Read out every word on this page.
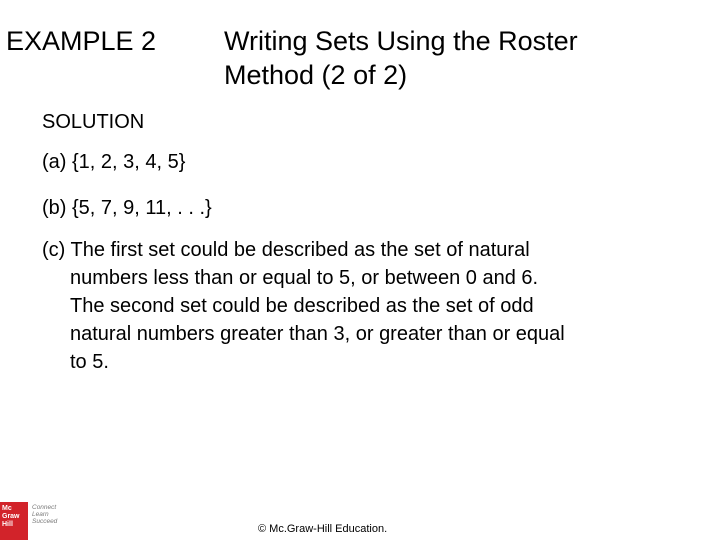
EXAMPLE 2	Writing Sets Using the Roster
Method (2 of 2)
SOLUTION
(a) {1, 2, 3, 4, 5}
(b) {5, 7, 9, 11, . . .}
(c) The first set could be described as the set of natural
numbers less than or equal to 5, or between 0 and 6.
The second set could be described as the set of odd
natural numbers greater than 3, or greater than or equal
to 5.
Mc
Graw
Hill
Connect
Learn
Succeed
© Mc.Graw-Hill Education.
